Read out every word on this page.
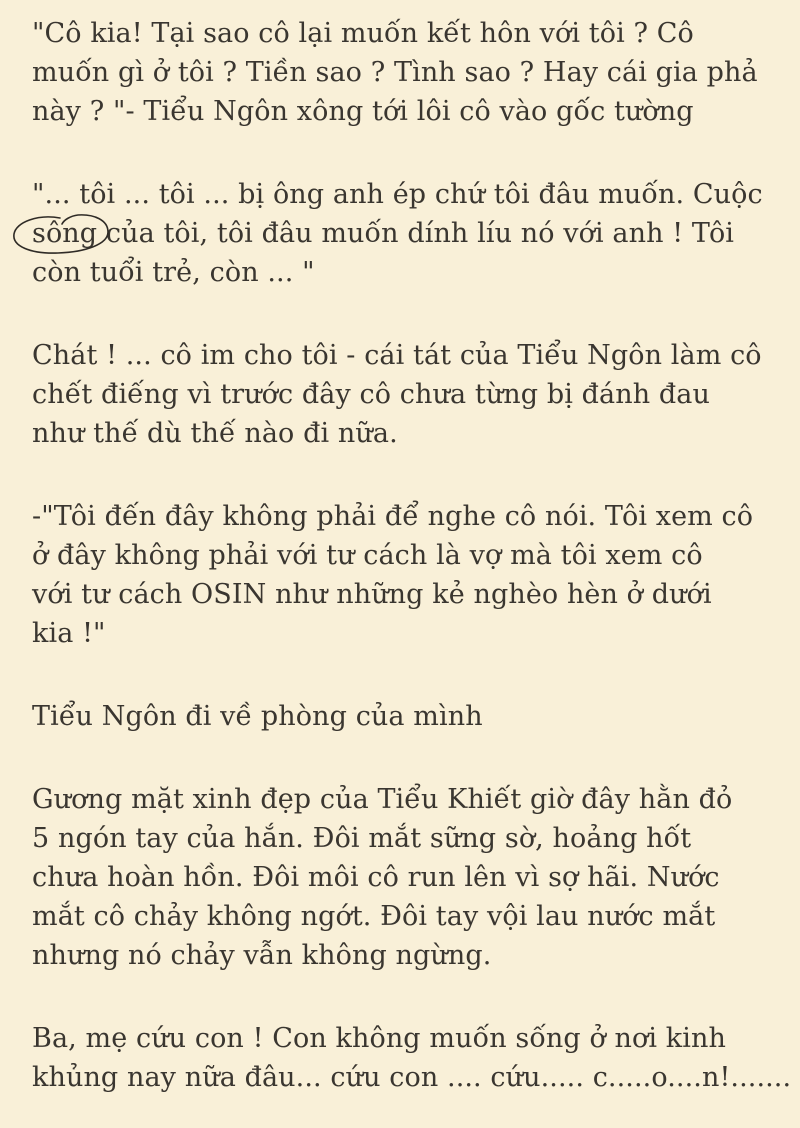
"Cô kia! Tại sao cô lại muốn kết hôn với tôi ? Cô
muốn gì ở tôi ? Tiền sao ? Tình sao ? Hay cái gia phả
này ? "- Tiểu Ngôn xông tới lôi cô vào gốc tường
"... tôi ... tôi ... bị ông anh ép chứ tôi đâu muốn. Cuộc
sông của tôi, tôi đâu muốn dính líu nó với anh ! Tôi
còn tuổi trẻ, còn ... "
Chát ! ... cô im cho tôi - cái tát của Tiểu Ngôn làm cô
chết điếng vì trước đây cô chưa từng bị đánh đau
như thế dù thế nào đi nữa.
-"Tôi đến đây không phải để nghe cô nói. Tôi xem cô
ở đây không phải với tư cách là vợ mà tôi xem cô
với tư cách OSIN như những kẻ nghèo hèn ở dưới
kia !"
Tiểu Ngôn đi về phòng của mình
Gương mặt xinh đẹp của Tiểu Khiết giờ đây hằn đỏ
5 ngón tay của hắn. Đôi mắt sững sờ, hoảng hốt
chưa hoàn hồn. Đôi môi cô run lên vì sợ hãi. Nước
mắt cô chảy không ngớt. Đôi tay vội lau nước mắt
nhưng nó chảy vẫn không ngừng.
Ba, mẹ cứu con ! Con không muốn sống ở nơi kinh
khủng nay nữa đâu... cứu con .... cứu..... c.....o....n!.......
